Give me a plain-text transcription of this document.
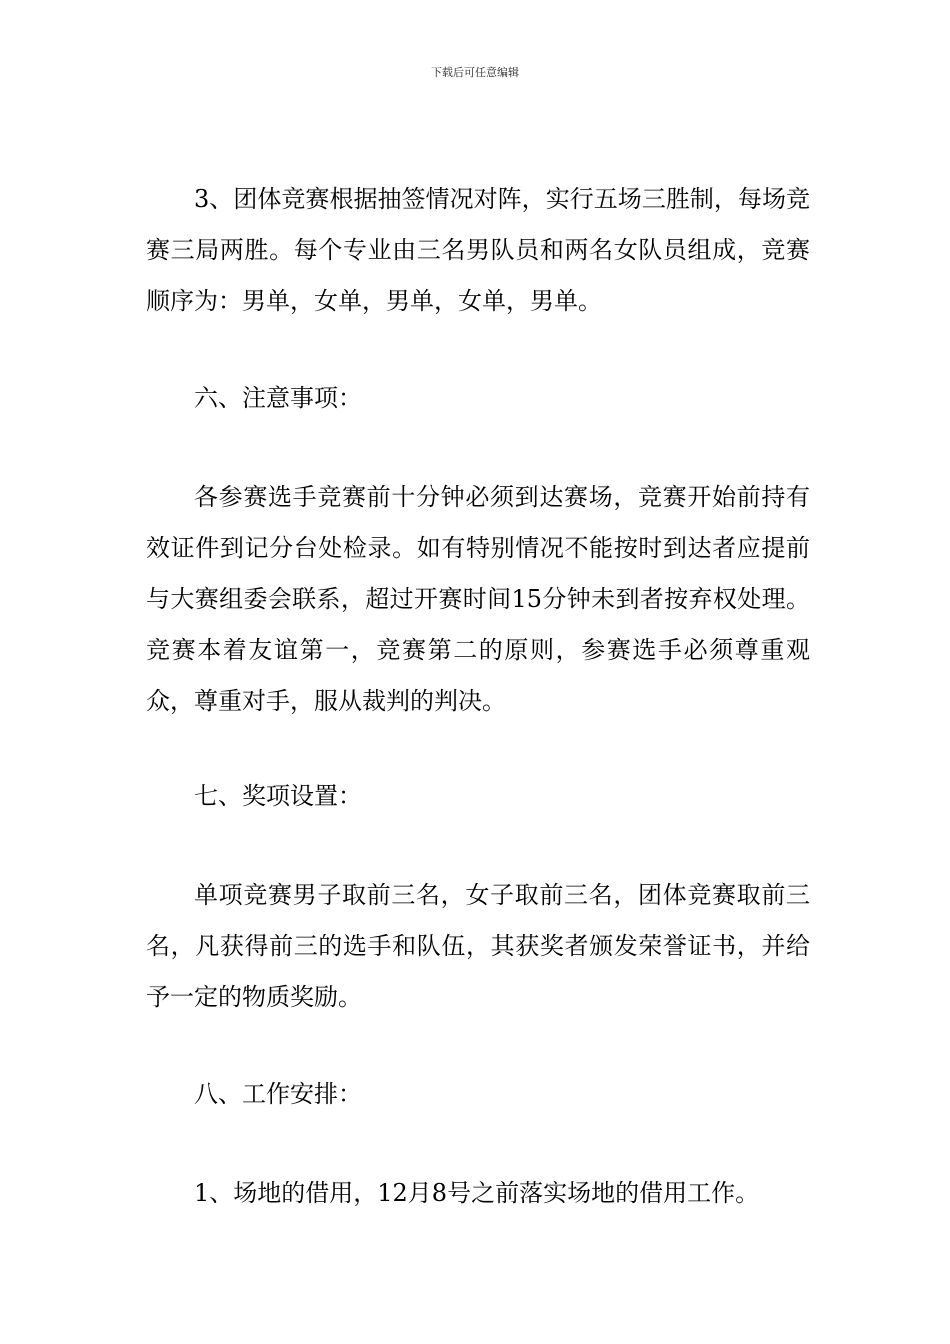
下载后可任意编辑

3、团体竞赛根据抽签情况对阵，实行五场三胜制，每场竞赛三局两胜。每个专业由三名男队员和两名女队员组成，竞赛顺序为：男单，女单，男单，女单，男单。

六、注意事项：

各参赛选手竞赛前十分钟必须到达赛场，竞赛开始前持有效证件到记分台处检录。如有特别情况不能按时到达者应提前与大赛组委会联系，超过开赛时间15分钟未到者按弃权处理。竞赛本着友谊第一，竞赛第二的原则，参赛选手必须尊重观众，尊重对手，服从裁判的判决。

七、奖项设置：

单项竞赛男子取前三名，女子取前三名，团体竞赛取前三名，凡获得前三的选手和队伍，其获奖者颁发荣誉证书，并给予一定的物质奖励。

八、工作安排：

1、场地的借用，12月8号之前落实场地的借用工作。
